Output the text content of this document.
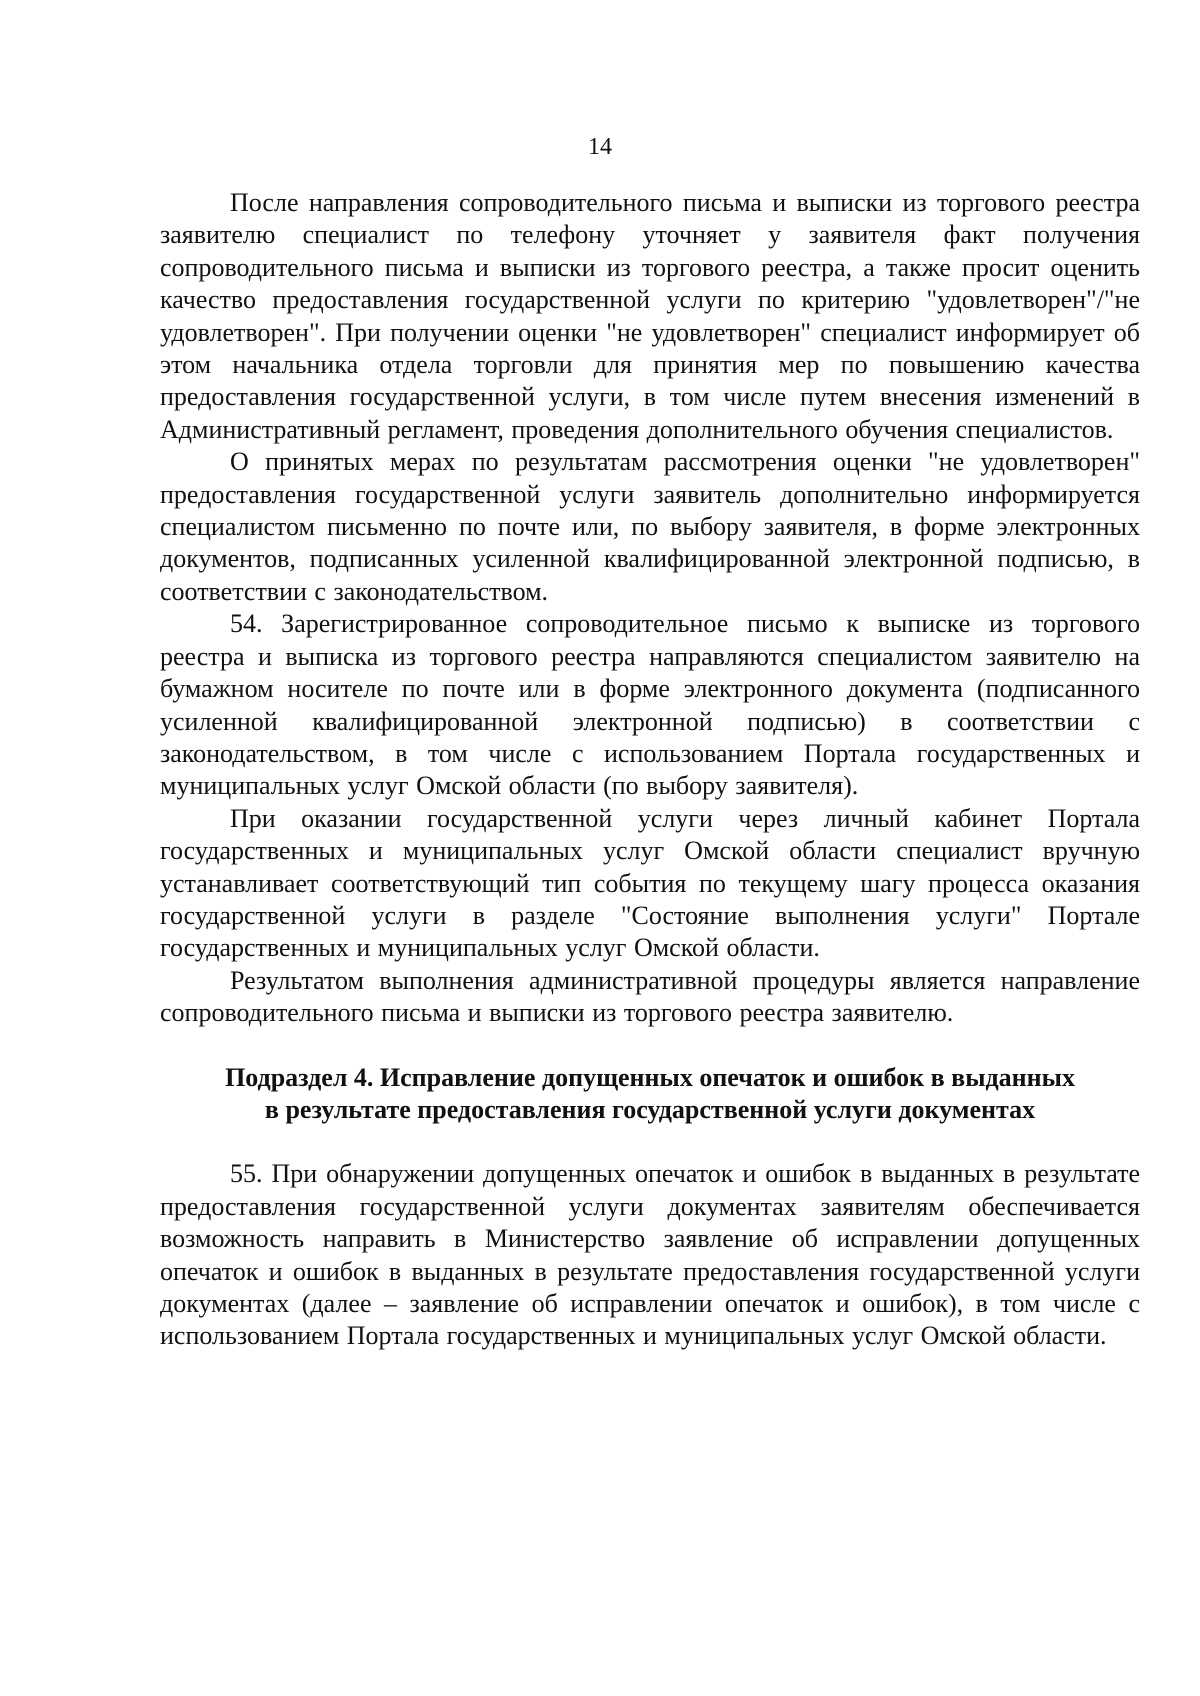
14

После направления сопроводительного письма и выписки из торгового реестра заявителю специалист по телефону уточняет у заявителя факт получения сопроводительного письма и выписки из торгового реестра, а также просит оценить качество предоставления государственной услуги по критерию "удовлетворен"/"не удовлетворен". При получении оценки "не удовлетворен" специалист информирует об этом начальника отдела торговли для принятия мер по повышению качества предоставления государственной услуги, в том числе путем внесения изменений в Административный регламент, проведения дополнительного обучения специалистов.

О принятых мерах по результатам рассмотрения оценки "не удовлетворен" предоставления государственной услуги заявитель дополнительно информируется специалистом письменно по почте или, по выбору заявителя, в форме электронных документов, подписанных усиленной квалифицированной электронной подписью, в соответствии с законодательством.

54. Зарегистрированное сопроводительное письмо к выписке из торгового реестра и выписка из торгового реестра направляются специалистом заявителю на бумажном носителе по почте или в форме электронного документа (подписанного усиленной квалифицированной электронной подписью) в соответствии с законодательством, в том числе с использованием Портала государственных и муниципальных услуг Омской области (по выбору заявителя).

При оказании государственной услуги через личный кабинет Портала государственных и муниципальных услуг Омской области специалист вручную устанавливает соответствующий тип события по текущему шагу процесса оказания государственной услуги в разделе "Состояние выполнения услуги" Портале государственных и муниципальных услуг Омской области.

Результатом выполнения административной процедуры является направление сопроводительного письма и выписки из торгового реестра заявителю.

Подраздел 4. Исправление допущенных опечаток и ошибок в выданных
в результате предоставления государственной услуги документах

55. При обнаружении допущенных опечаток и ошибок в выданных в результате предоставления государственной услуги документах заявителям обеспечивается возможность направить в Министерство заявление об исправлении допущенных опечаток и ошибок в выданных в результате предоставления государственной услуги документах (далее – заявление об исправлении опечаток и ошибок), в том числе с использованием Портала государственных и муниципальных услуг Омской области.
